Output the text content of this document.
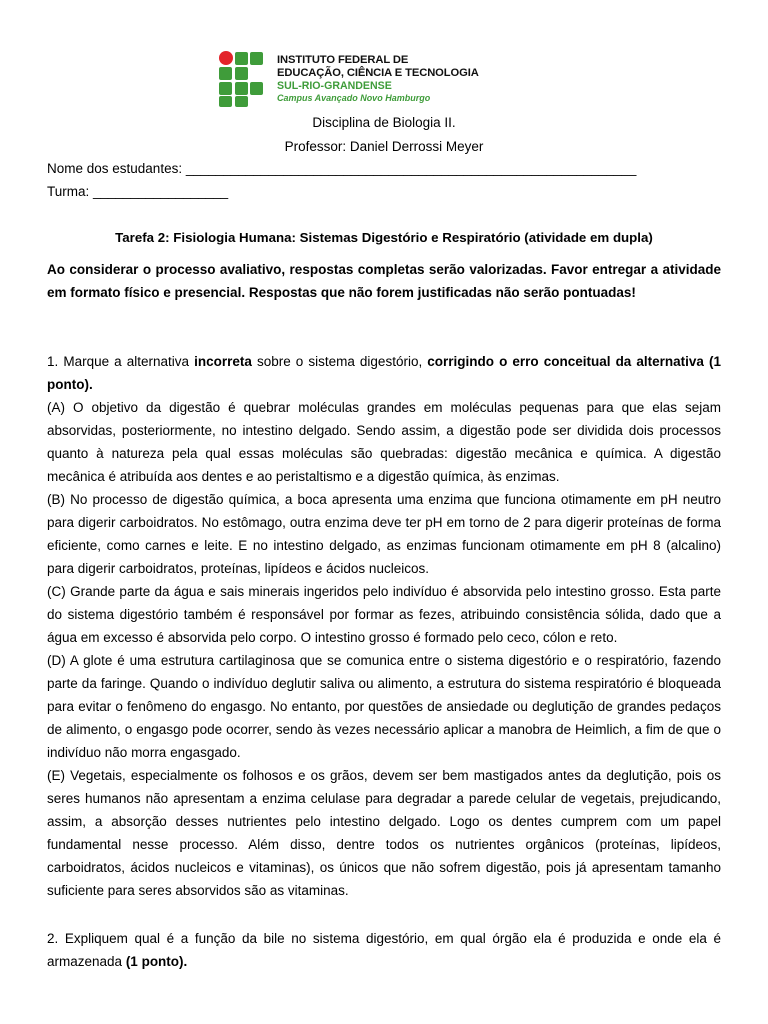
INSTITUTO FEDERAL DE
EDUCAÇÃO, CIÊNCIA E TECNOLOGIA
SUL-RIO-GRANDENSE
Campus Avançado Novo Hamburgo
Disciplina de Biologia II.
Professor: Daniel Derrossi Meyer
Nome dos estudantes: ____________________________________________________________
Turma: __________________
Tarefa 2: Fisiologia Humana: Sistemas Digestório e Respiratório (atividade em dupla)

Ao considerar o processo avaliativo, respostas completas serão valorizadas. Favor entregar a atividade em formato físico e presencial. Respostas que não forem justificadas não serão pontuadas!

1. Marque a alternativa incorreta sobre o sistema digestório, corrigindo o erro conceitual da alternativa (1 ponto).

(A) O objetivo da digestão é quebrar moléculas grandes em moléculas pequenas para que elas sejam absorvidas, posteriormente, no intestino delgado. Sendo assim, a digestão pode ser dividida dois processos quanto à natureza pela qual essas moléculas são quebradas: digestão mecânica e química. A digestão mecânica é atribuída aos dentes e ao peristaltismo e a digestão química, às enzimas.

(B) No processo de digestão química, a boca apresenta uma enzima que funciona otimamente em pH neutro para digerir carboidratos. No estômago, outra enzima deve ter pH em torno de 2 para digerir proteínas de forma eficiente, como carnes e leite. E no intestino delgado, as enzimas funcionam otimamente em pH 8 (alcalino) para digerir carboidratos, proteínas, lipídeos e ácidos nucleicos.

(C) Grande parte da água e sais minerais ingeridos pelo indivíduo é absorvida pelo intestino grosso. Esta parte do sistema digestório também é responsável por formar as fezes, atribuindo consistência sólida, dado que a água em excesso é absorvida pelo corpo. O intestino grosso é formado pelo ceco, cólon e reto.

(D) A glote é uma estrutura cartilaginosa que se comunica entre o sistema digestório e o respiratório, fazendo parte da faringe. Quando o indivíduo deglutir saliva ou alimento, a estrutura do sistema respiratório é bloqueada para evitar o fenômeno do engasgo. No entanto, por questões de ansiedade ou deglutição de grandes pedaços de alimento, o engasgo pode ocorrer, sendo às vezes necessário aplicar a manobra de Heimlich, a fim de que o indivíduo não morra engasgado.

(E) Vegetais, especialmente os folhosos e os grãos, devem ser bem mastigados antes da deglutição, pois os seres humanos não apresentam a enzima celulase para degradar a parede celular de vegetais, prejudicando, assim, a absorção desses nutrientes pelo intestino delgado. Logo os dentes cumprem com um papel fundamental nesse processo. Além disso, dentre todos os nutrientes orgânicos (proteínas, lipídeos, carboidratos, ácidos nucleicos e vitaminas), os únicos que não sofrem digestão, pois já apresentam tamanho suficiente para seres absorvidos são as vitaminas.

2. Expliquem qual é a função da bile no sistema digestório, em qual órgão ela é produzida e onde ela é armazenada (1 ponto).
